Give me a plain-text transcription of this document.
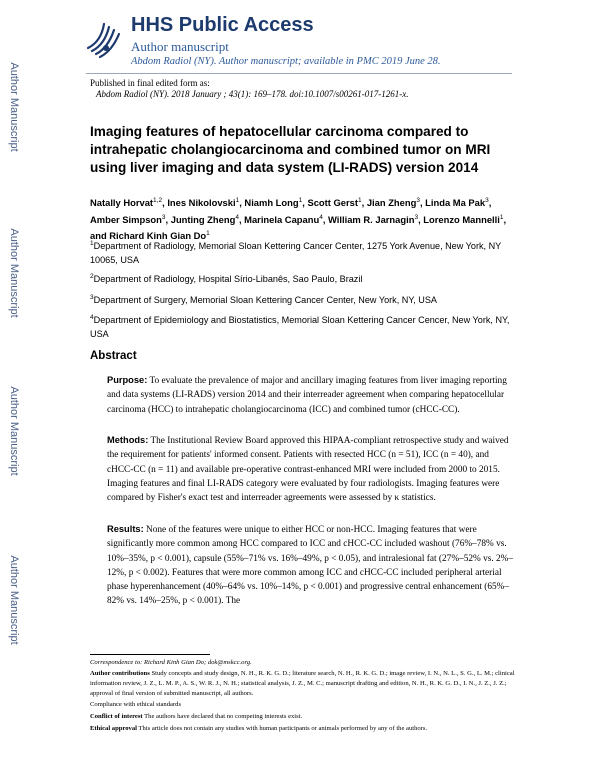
Author Manuscript
Author Manuscript
Author Manuscript
Author Manuscript
HHS Public Access
Author manuscript
Abdom Radiol (NY). Author manuscript; available in PMC 2019 June 28.
Published in final edited form as:
Abdom Radiol (NY). 2018 January ; 43(1): 169–178. doi:10.1007/s00261-017-1261-x.
Imaging features of hepatocellular carcinoma compared to intrahepatic cholangiocarcinoma and combined tumor on MRI using liver imaging and data system (LI-RADS) version 2014
Natally Horvat$^{1,2}$, Ines Nikolovski$^1$, Niamh Long$^1$, Scott Gerst$^1$, Jian Zheng$^3$, Linda Ma Pak$^3$, Amber Simpson$^3$, Junting Zheng$^4$, Marinela Capanu$^4$, William R. Jarnagin$^3$, Lorenzo Mannelli$^1$, and Richard Kinh Gian Do$^1$
$^1$Department of Radiology, Memorial Sloan Kettering Cancer Center, 1275 York Avenue, New York, NY 10065, USA
$^2$Department of Radiology, Hospital Sírio-Libanês, Sao Paulo, Brazil
$^3$Department of Surgery, Memorial Sloan Kettering Cancer Center, New York, NY, USA
$^4$Department of Epidemiology and Biostatistics, Memorial Sloan Kettering Cancer Cencer, New York, NY, USA
Abstract
Purpose: To evaluate the prevalence of major and ancillary imaging features from liver imaging reporting and data systems (LI-RADS) version 2014 and their interreader agreement when comparing hepatocellular carcinoma (HCC) to intrahepatic cholangiocarcinoma (ICC) and combined tumor (cHCC-CC).
Methods: The Institutional Review Board approved this HIPAA-compliant retrospective study and waived the requirement for patients' informed consent. Patients with resected HCC (n = 51), ICC (n = 40), and cHCC-CC (n = 11) and available pre-operative contrast-enhanced MRI were included from 2000 to 2015. Imaging features and final LI-RADS category were evaluated by four radiologists. Imaging features were compared by Fisher's exact test and interreader agreements were assessed by κ statistics.
Results: None of the features were unique to either HCC or non-HCC. Imaging features that were significantly more common among HCC compared to ICC and cHCC-CC included washout (76%–78% vs. 10%–35%, p < 0.001), capsule (55%–71% vs. 16%–49%, p < 0.05), and intralesional fat (27%–52% vs. 2%–12%, p < 0.002). Features that were more common among ICC and cHCC-CC included peripheral arterial phase hyperenhancement (40%–64% vs. 10%–14%, p < 0.001) and progressive central enhancement (65%–82% vs. 14%–25%, p < 0.001). The
Correspondence to: Richard Kinh Gian Do; dok@mskcc.org.
Author contributions Study concepts and study design, N. H., R. K. G. D.; literature search, N. H., R. K. G. D.; image review, I. N., N. L., S. G., L. M.; clinical information review, J. Z., L. M. P., A. S., W. R. J., N. H.; statistical analysis, J. Z., M. C.; manuscript drafting and edition, N. H., R. K. G. D., I. N., J. Z., J. Z.; approval of final version of submitted manuscript, all authors.
Compliance with ethical standards
Conflict of interest The authors have declared that no competing interests exist.
Ethical approval This article does not contain any studies with human participants or animals performed by any of the authors.
